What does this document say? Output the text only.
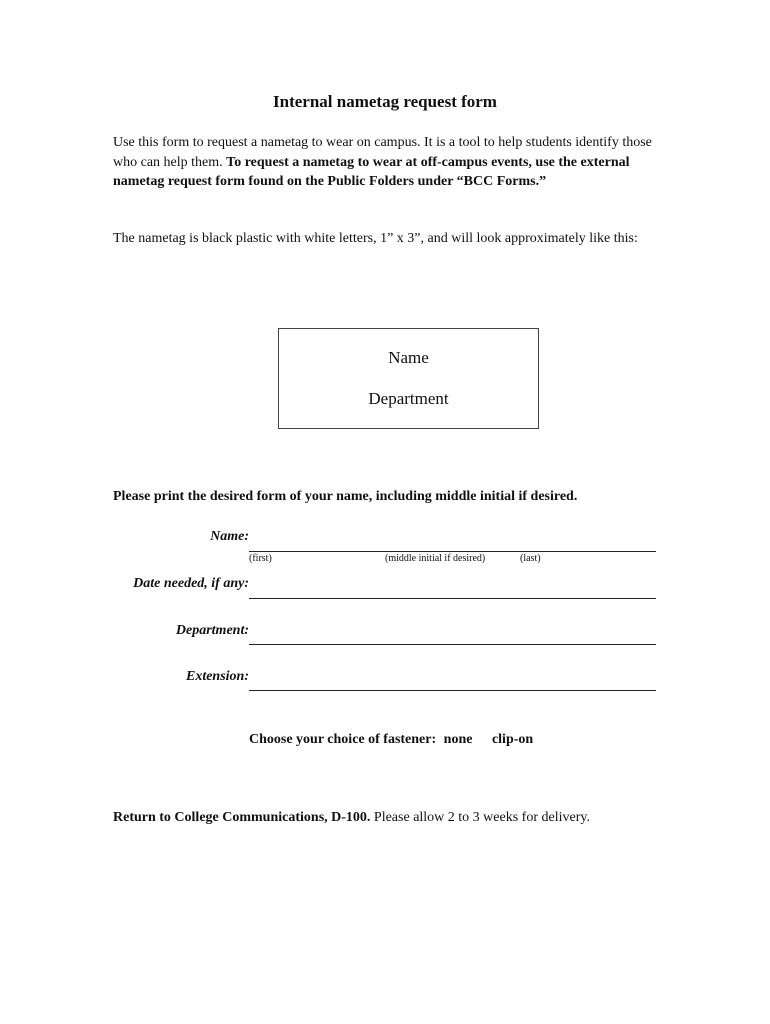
Internal nametag request form
Use this form to request a nametag to wear on campus. It is a tool to help students identify those who can help them. To request a nametag to wear at off-campus events, use the external nametag request form found on the Public Folders under “BCC Forms.”
The nametag is black plastic with white letters, 1” x 3”, and will look approximately like this:
Name
Department
Please print the desired form of your name, including middle initial if desired.
Name:
(first)	(middle initial if desired)	(last)
Date needed, if any:
Department:
Extension:
Choose your choice of fastener: none clip-on
Return to College Communications, D-100. Please allow 2 to 3 weeks for delivery.
